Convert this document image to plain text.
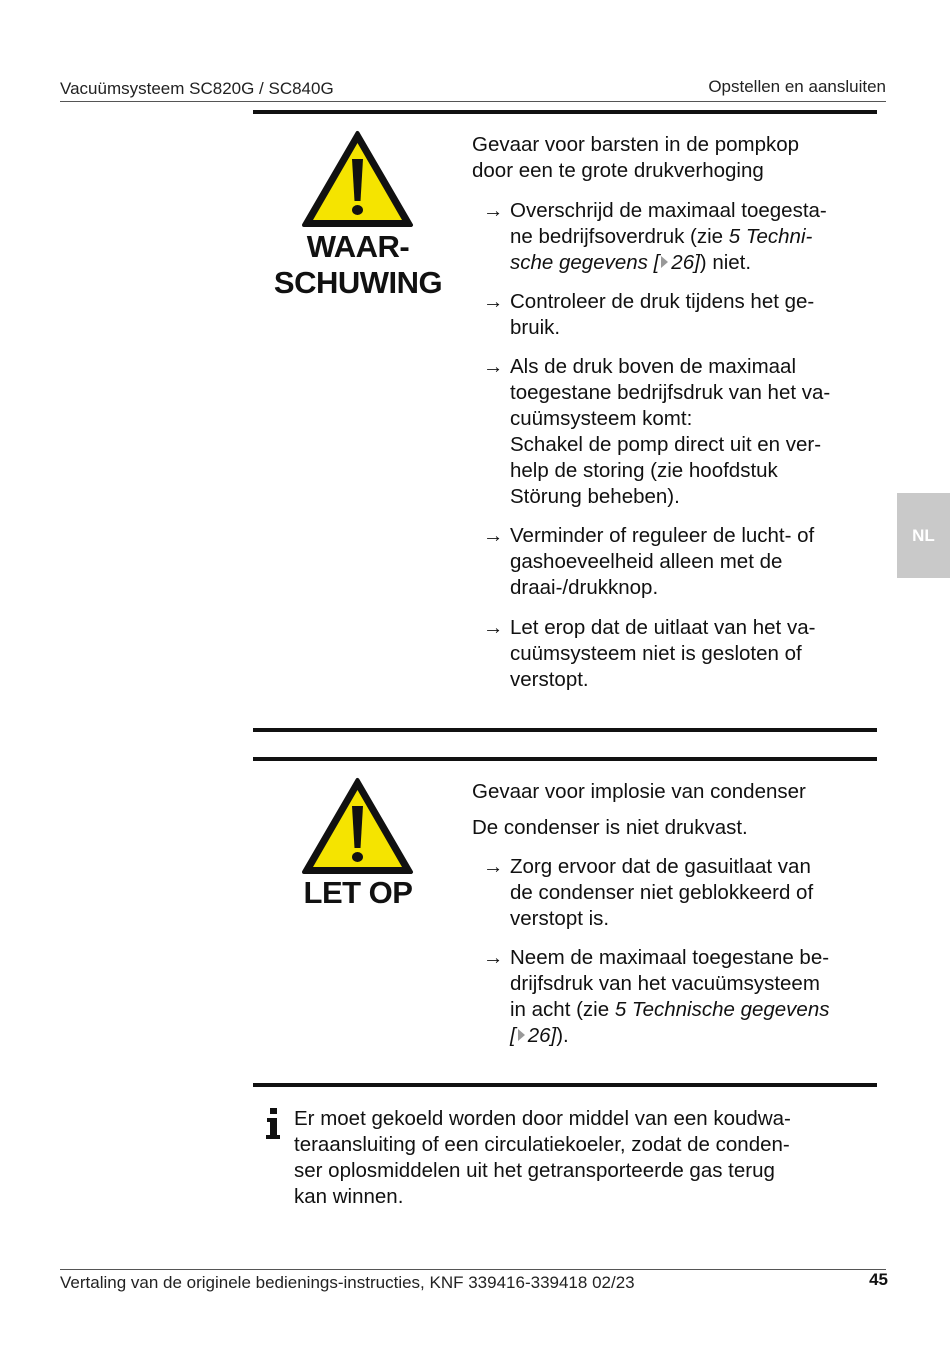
Vacuümsysteem SC820G / SC840G	Opstellen en aansluiten
WAAR-
SCHUWING
Gevaar voor barsten in de pompkop
door een te grote drukverhoging
→ Overschrijd de maximaal toegesta-
ne bedrijfsoverdruk (zie 5 Techni-
sche gegevens [ 26]) niet.
→ Controleer de druk tijdens het ge-
bruik.
→ Als de druk boven de maximaal
toegestane bedrijfsdruk van het va-
cuümsysteem komt:
Schakel de pomp direct uit en ver-
help de storing (zie hoofdstuk
Störung beheben).
→ Verminder of reguleer de lucht- of
gashoeveelheid alleen met de
draai-/drukknop.
→ Let erop dat de uitlaat van het va-
cuümsysteem niet is gesloten of
verstopt.
NL
LET OP
Gevaar voor implosie van condenser
De condenser is niet drukvast.
→ Zorg ervoor dat de gasuitlaat van
de condenser niet geblokkeerd of
verstopt is.
→ Neem de maximaal toegestane be-
drijfsdruk van het vacuümsysteem
in acht (zie 5 Technische gegevens
[ 26]).
Er moet gekoeld worden door middel van een koudwa-
teraansluiting of een circulatiekoeler, zodat de conden-
ser oplosmiddelen uit het getransporteerde gas terug
kan winnen.
Vertaling van de originele bedienings-instructies, KNF 339416-339418 02/23	45
